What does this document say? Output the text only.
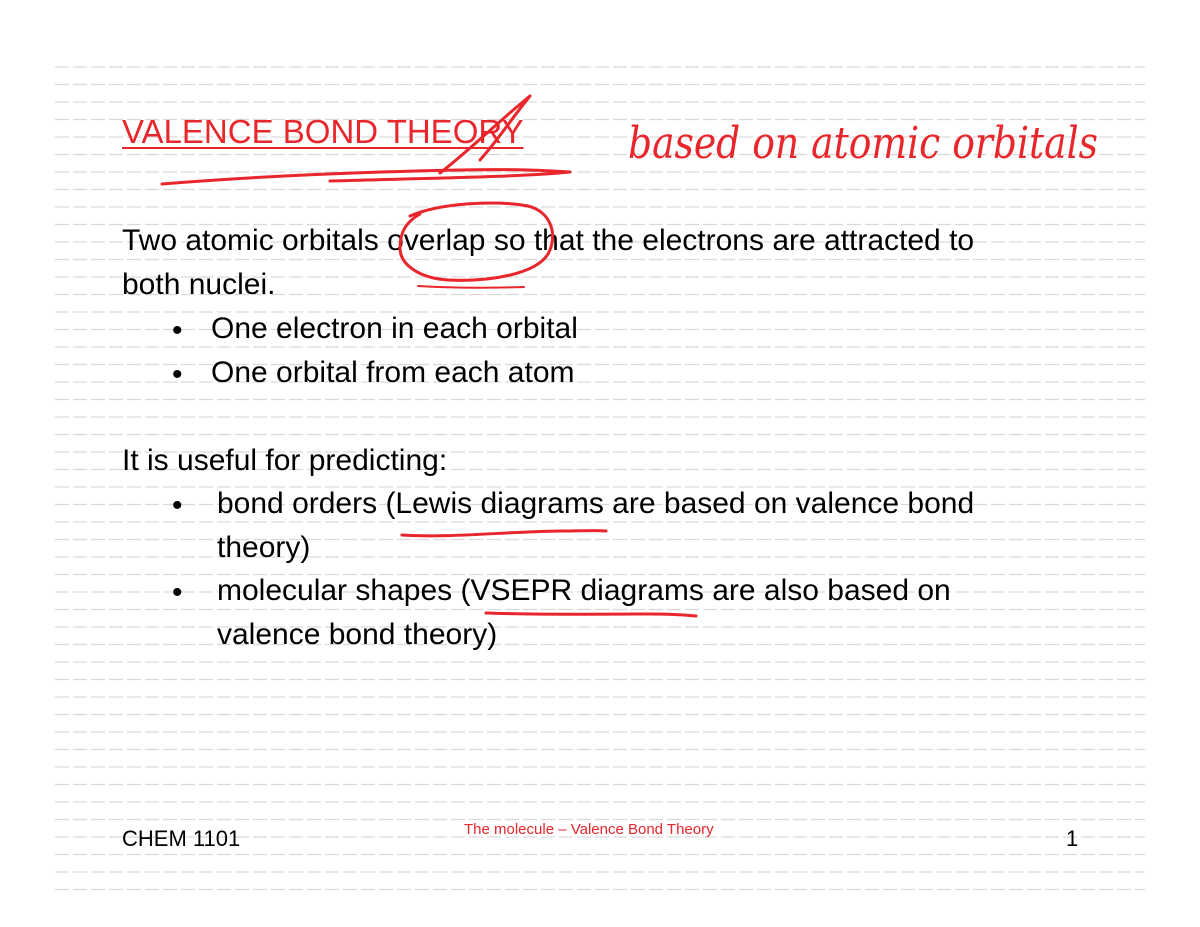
VALENCE BOND THEORY
Two atomic orbitals overlap so that the electrons are attracted to
both nuclei.
• One electron in each orbital
• One orbital from each atom
It is useful for predicting:
• bond orders (Lewis diagrams are based on valence bond
theory)
• molecular shapes (VSEPR diagrams are also based on
valence bond theory)
CHEM 1101	The molecule – Valence Bond Theory	1
based on atomic orbitals
